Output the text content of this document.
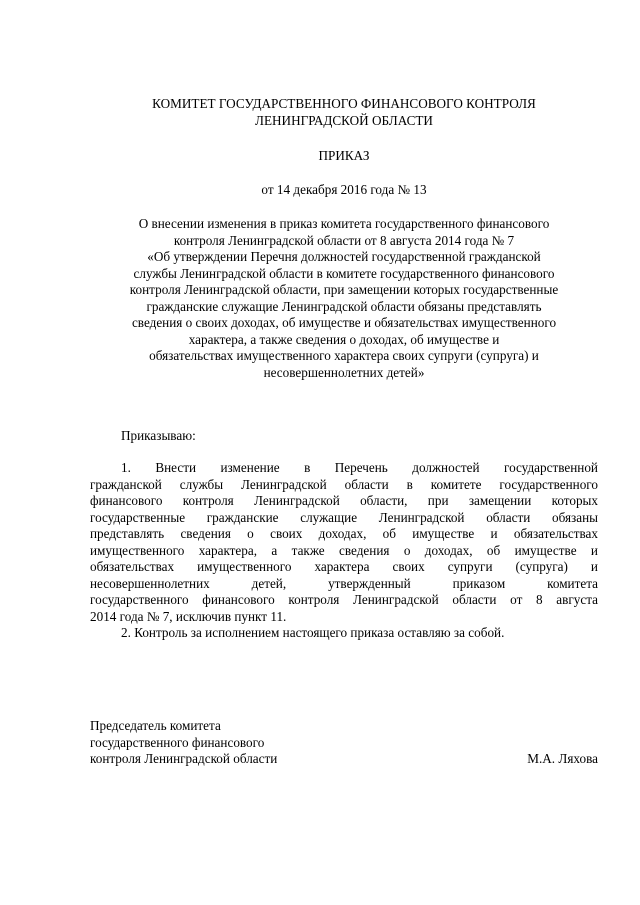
КОМИТЕТ ГОСУДАРСТВЕННОГО ФИНАНСОВОГО КОНТРОЛЯ
ЛЕНИНГРАДСКОЙ ОБЛАСТИ
ПРИКАЗ
от 14 декабря 2016 года № 13
О внесении изменения в приказ комитета государственного финансового
контроля Ленинградской области от 8 августа 2014 года № 7
«Об утверждении Перечня должностей государственной гражданской
службы Ленинградской области в комитете государственного финансового
контроля Ленинградской области, при замещении которых государственные
гражданские служащие Ленинградской области обязаны представлять
сведения о своих доходах, об имуществе и обязательствах имущественного
характера, а также сведения о доходах, об имуществе и
обязательствах имущественного характера своих супруги (супруга) и
несовершеннолетних детей»
Приказываю:
1. Внести изменение в Перечень должностей государственной
гражданской службы Ленинградской области в комитете государственного
финансового контроля Ленинградской области, при замещении которых
государственные гражданские служащие Ленинградской области обязаны
представлять сведения о своих доходах, об имуществе и обязательствах
имущественного характера, а также сведения о доходах, об имуществе и
обязательствах имущественного характера своих супруги (супруга) и
несовершеннолетних детей, утвержденный приказом комитета
государственного финансового контроля Ленинградской области от 8 августа
2014 года № 7, исключив пункт 11.
2. Контроль за исполнением настоящего приказа оставляю за собой.
Председатель комитета
государственного финансового
контроля Ленинградской области	М.А. Ляхова
